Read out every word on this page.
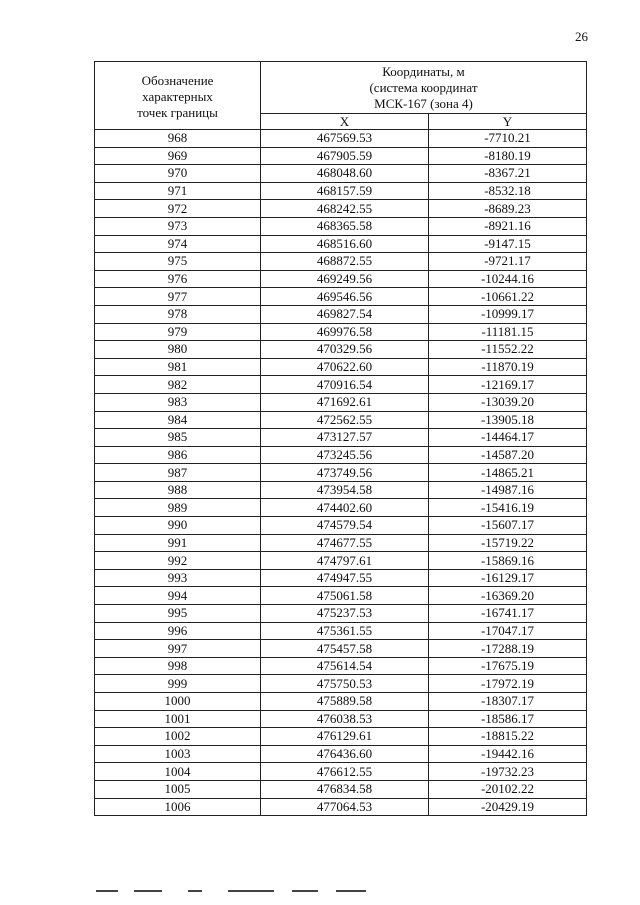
26
Обозначение
характерных
точек границы	Координаты, м
(система координат
МСК-167 (зона 4)	

	X	Y
968	467569.53	-7710.21
969	467905.59	-8180.19
970	468048.60	-8367.21
971	468157.59	-8532.18
972	468242.55	-8689.23
973	468365.58	-8921.16
974	468516.60	-9147.15
975	468872.55	-9721.17
976	469249.56	-10244.16
977	469546.56	-10661.22
978	469827.54	-10999.17
979	469976.58	-11181.15
980	470329.56	-11552.22
981	470622.60	-11870.19
982	470916.54	-12169.17
983	471692.61	-13039.20
984	472562.55	-13905.18
985	473127.57	-14464.17
986	473245.56	-14587.20
987	473749.56	-14865.21
988	473954.58	-14987.16
989	474402.60	-15416.19
990	474579.54	-15607.17
991	474677.55	-15719.22
992	474797.61	-15869.16
993	474947.55	-16129.17
994	475061.58	-16369.20
995	475237.53	-16741.17
996	475361.55	-17047.17
997	475457.58	-17288.19
998	475614.54	-17675.19
999	475750.53	-17972.19
1000	475889.58	-18307.17
1001	476038.53	-18586.17
1002	476129.61	-18815.22
1003	476436.60	-19442.16
1004	476612.55	-19732.23
1005	476834.58	-20102.22
1006	477064.53	-20429.19
